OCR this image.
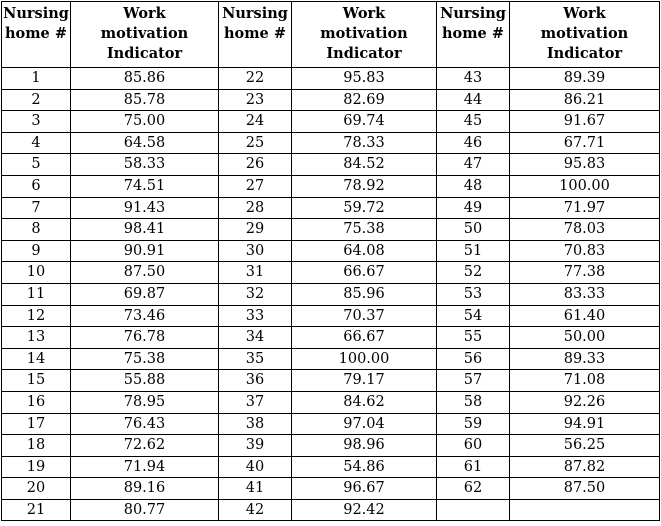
Nursing
home #	Work
motivation
Indicator	Nursing
home #	Work
motivation
Indicator	Nursing
home #	Work
motivation
Indicator

1	85.86	22	95.83	43	89.39
2	85.78	23	82.69	44	86.21
3	75.00	24	69.74	45	91.67
4	64.58	25	78.33	46	67.71
5	58.33	26	84.52	47	95.83
6	74.51	27	78.92	48	100.00
7	91.43	28	59.72	49	71.97
8	98.41	29	75.38	50	78.03
9	90.91	30	64.08	51	70.83
10	87.50	31	66.67	52	77.38
11	69.87	32	85.96	53	83.33
12	73.46	33	70.37	54	61.40
13	76.78	34	66.67	55	50.00
14	75.38	35	100.00	56	89.33
15	55.88	36	79.17	57	71.08
16	78.95	37	84.62	58	92.26
17	76.43	38	97.04	59	94.91
18	72.62	39	98.96	60	56.25
19	71.94	40	54.86	61	87.82
20	89.16	41	96.67	62	87.50
21	80.77	42	92.42		
